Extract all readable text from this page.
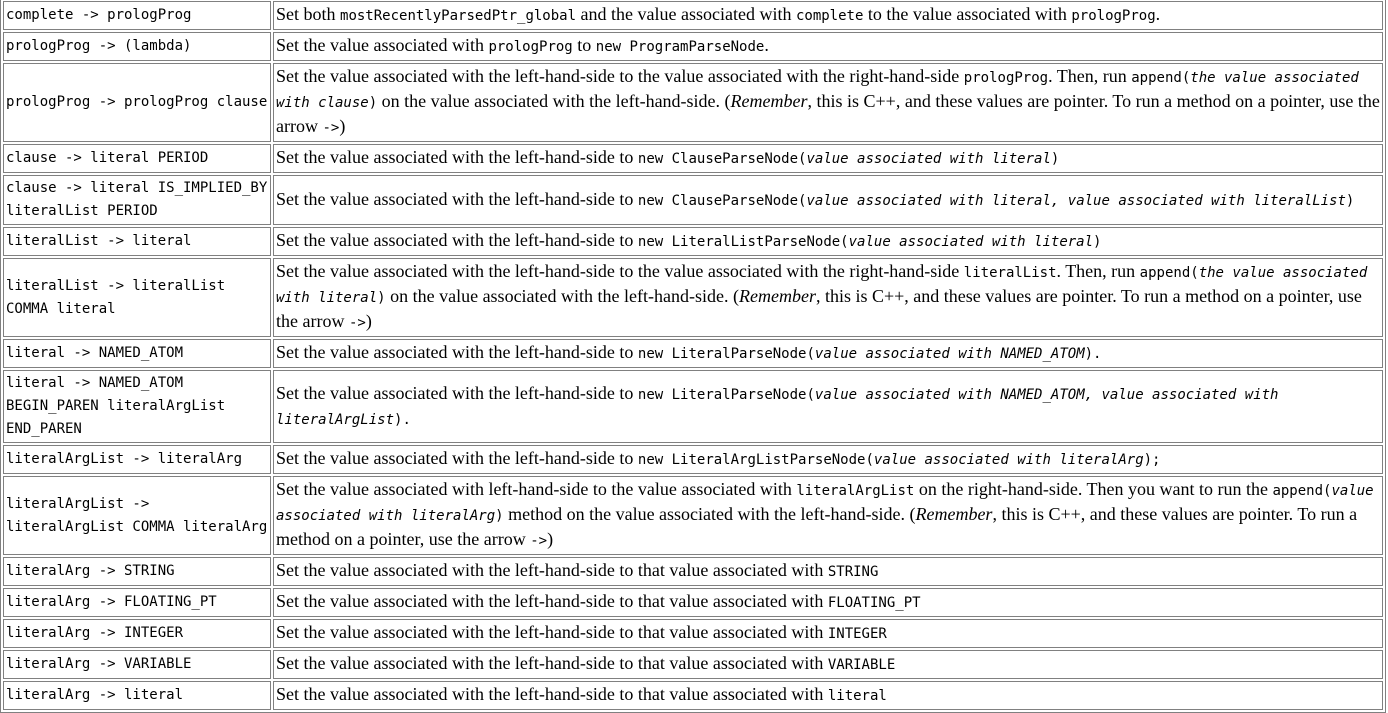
complete -> prologProg	Set both mostRecentlyParsedPtr_global and the value associated with complete to the value associated with prologProg.
prologProg -> (lambda)	Set the value associated with prologProg to new ProgramParseNode.
prologProg -> prologProg clause	Set the value associated with the left-hand-side to the value associated with the right-hand-side prologProg. Then, run append(the value associated with clause) on the value associated with the left-hand-side. (Remember, this is C++, and these values are pointer. To run a method on a pointer, use the arrow ->)
clause -> literal PERIOD	Set the value associated with the left-hand-side to new ClauseParseNode(value associated with literal)
clause -> literal IS_IMPLIED_BY literalList PERIOD	Set the value associated with the left-hand-side to new ClauseParseNode(value associated with literal, value associated with literalList)
literalList -> literal	Set the value associated with the left-hand-side to new LiteralListParseNode(value associated with literal)
literalList -> literalList COMMA literal	Set the value associated with the left-hand-side to the value associated with the right-hand-side literalList. Then, run append(the value associated with literal) on the value associated with the left-hand-side. (Remember, this is C++, and these values are pointer. To run a method on a pointer, use the arrow ->)
literal -> NAMED_ATOM	Set the value associated with the left-hand-side to new LiteralParseNode(value associated with NAMED_ATOM).
literal -> NAMED_ATOM BEGIN_PAREN literalArgList END_PAREN	Set the value associated with the left-hand-side to new LiteralParseNode(value associated with NAMED_ATOM, value associated with literalArgList).
literalArgList -> literalArg	Set the value associated with the left-hand-side to new LiteralArgListParseNode(value associated with literalArg);
literalArgList -> literalArgList COMMA literalArg	Set the value associated with left-hand-side to the value associated with literalArgList on the right-hand-side. Then you want to run the append(value associated with literalArg) method on the value associated with the left-hand-side. (Remember, this is C++, and these values are pointer. To run a method on a pointer, use the arrow ->)
literalArg -> STRING	Set the value associated with the left-hand-side to that value associated with STRING
literalArg -> FLOATING_PT	Set the value associated with the left-hand-side to that value associated with FLOATING_PT
literalArg -> INTEGER	Set the value associated with the left-hand-side to that value associated with INTEGER
literalArg -> VARIABLE	Set the value associated with the left-hand-side to that value associated with VARIABLE
literalArg -> literal	Set the value associated with the left-hand-side to that value associated with literal
